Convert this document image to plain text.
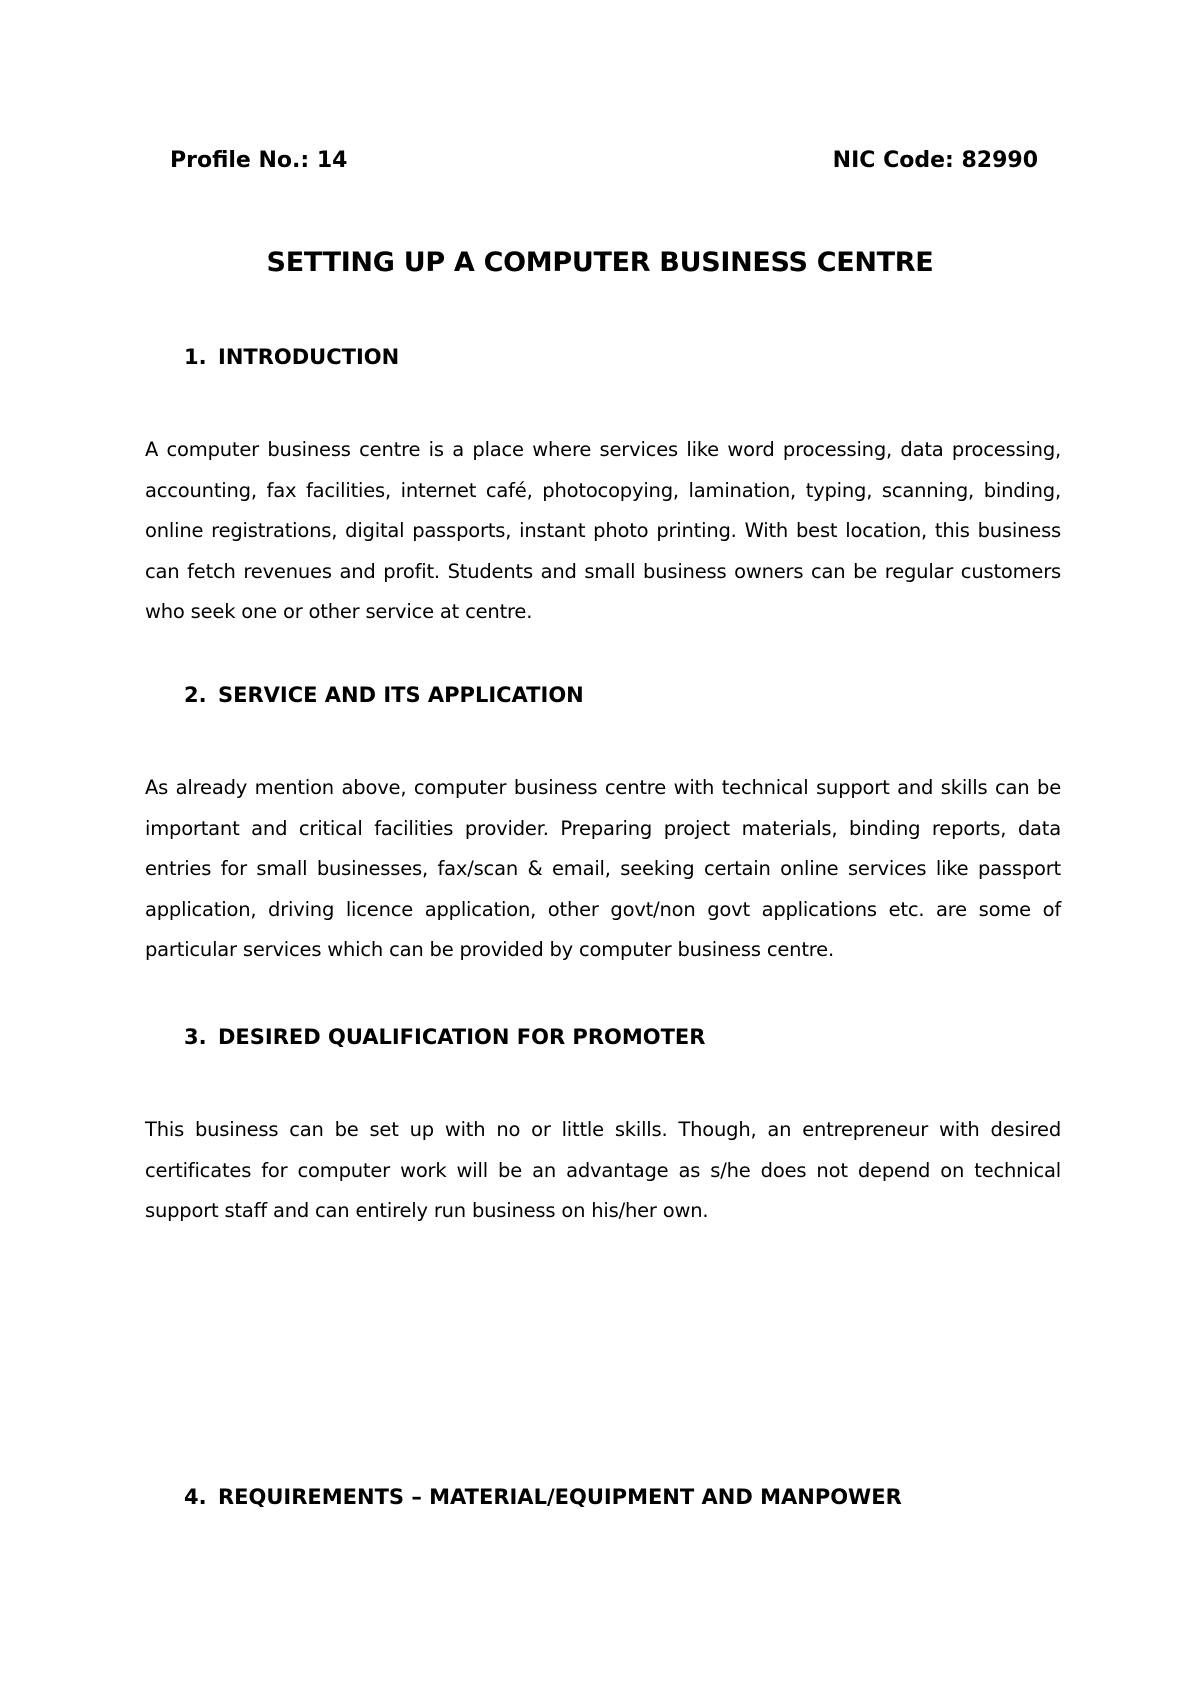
Profile No.: 14	NIC Code: 82990
SETTING UP A COMPUTER BUSINESS CENTRE
1. INTRODUCTION
A computer business centre is a place where services like word processing, data processing, accounting, fax facilities, internet café, photocopying, lamination, typing, scanning, binding, online registrations, digital passports, instant photo printing. With best location, this business can fetch revenues and profit. Students and small business owners can be regular customers who seek one or other service at centre.
2. SERVICE AND ITS APPLICATION
As already mention above, computer business centre with technical support and skills can be important and critical facilities provider. Preparing project materials, binding reports, data entries for small businesses, fax/scan & email, seeking certain online services like passport application, driving licence application, other govt/non govt applications etc. are some of particular services which can be provided by computer business centre.
3. DESIRED QUALIFICATION FOR PROMOTER
This business can be set up with no or little skills. Though, an entrepreneur with desired certificates for computer work will be an advantage as s/he does not depend on technical support staff and can entirely run business on his/her own.
4. REQUIREMENTS – MATERIAL/EQUIPMENT AND MANPOWER
